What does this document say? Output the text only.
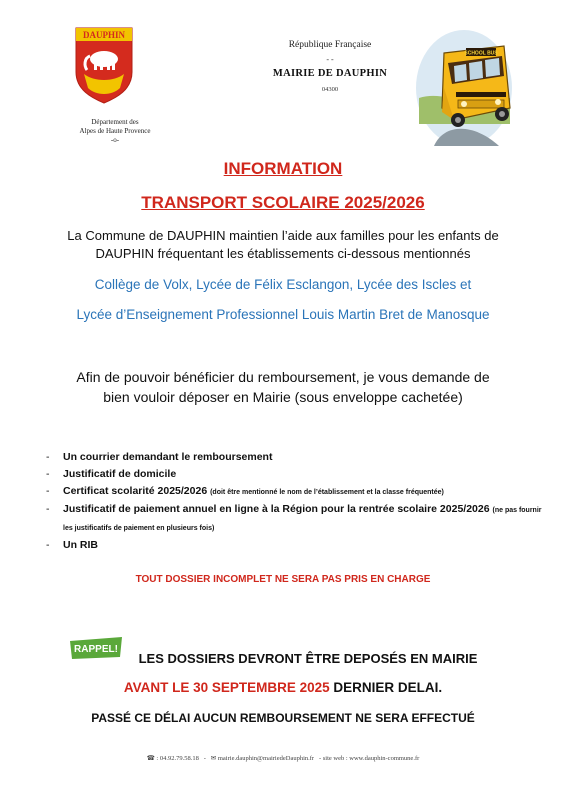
DAUPHIN
Département des
Alpes de Haute Provence
-o-
République Française
- -
MAIRIE DE DAUPHIN
04300
SCHOOL BUS
INFORMATION
TRANSPORT SCOLAIRE 2025/2026
La Commune de DAUPHIN maintien l’aide aux familles pour les enfants de
DAUPHIN fréquentant les établissements ci-dessous mentionnés
Collège de Volx, Lycée de Félix Esclangon, Lycée des Iscles et
Lycée d’Enseignement Professionnel Louis Martin Bret de Manosque
Afin de pouvoir bénéficier du remboursement, je vous demande de
bien vouloir déposer en Mairie (sous enveloppe cachetée)
- Un courrier demandant le remboursement
- Justificatif de domicile
- Certificat scolarité 2025/2026 (doit être mentionné le nom de l’établissement et la classe fréquentée)
- Justificatif de paiement annuel en ligne à la Région pour la rentrée scolaire 2025/2026 (ne pas fournir les justificatifs de paiement en plusieurs fois)
- Un RIB
TOUT DOSSIER INCOMPLET NE SERA PAS PRIS EN CHARGE
RAPPEL!
LES DOSSIERS DEVRONT ÊTRE DEPOSÉS EN MAIRIE
AVANT LE 30 SEPTEMBRE 2025 DERNIER DELAI.
PASSÉ CE DÉLAI AUCUN REMBOURSEMENT NE SERA EFFECTUÉ
☎ : 04.92.79.58.18   -   ✉ mairie.dauphin@mairiedeDauphin.fr - site web : www.dauphin-commune.fr
